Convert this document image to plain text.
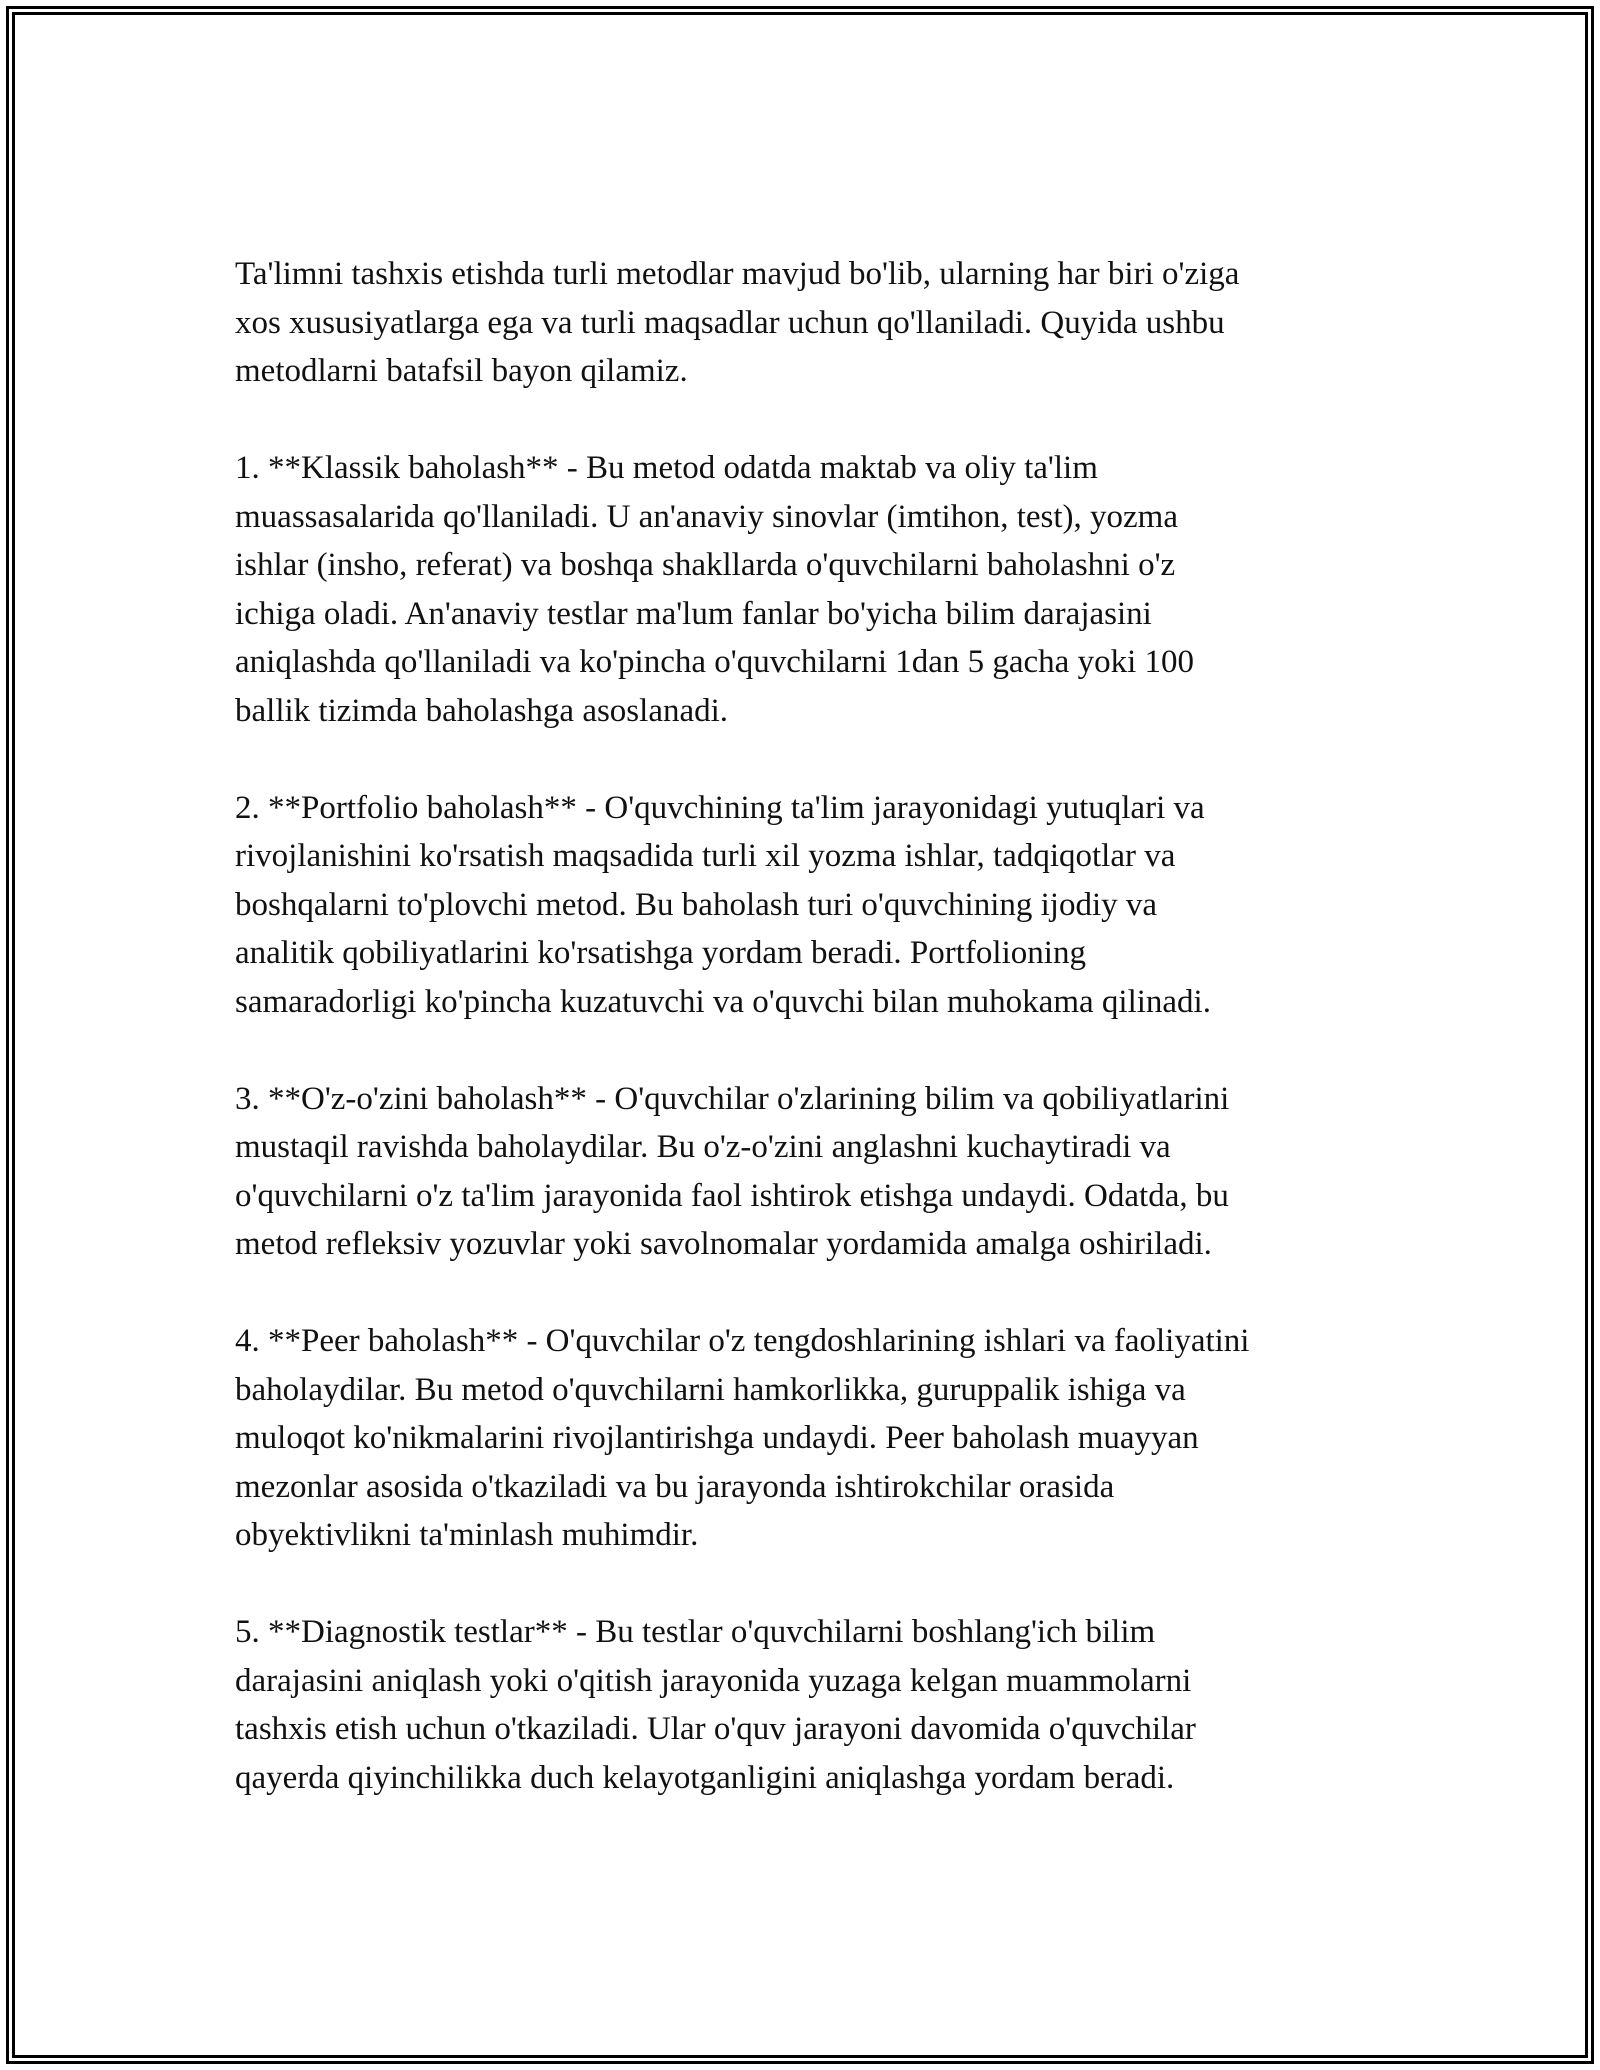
Ta'limni tashxis etishda turli metodlar mavjud bo'lib, ularning har biri o'ziga
xos xususiyatlarga ega va turli maqsadlar uchun qo'llaniladi. Quyida ushbu
metodlarni batafsil bayon qilamiz.

1. **Klassik baholash** - Bu metod odatda maktab va oliy ta'lim
muassasalarida qo'llaniladi. U an'anaviy sinovlar (imtihon, test), yozma
ishlar (insho, referat) va boshqa shakllarda o'quvchilarni baholashni o'z
ichiga oladi. An'anaviy testlar ma'lum fanlar bo'yicha bilim darajasini
aniqlashda qo'llaniladi va ko'pincha o'quvchilarni 1dan 5 gacha yoki 100
ballik tizimda baholashga asoslanadi.

2. **Portfolio baholash** - O'quvchining ta'lim jarayonidagi yutuqlari va
rivojlanishini ko'rsatish maqsadida turli xil yozma ishlar, tadqiqotlar va
boshqalarni to'plovchi metod. Bu baholash turi o'quvchining ijodiy va
analitik qobiliyatlarini ko'rsatishga yordam beradi. Portfolioning
samaradorligi ko'pincha kuzatuvchi va o'quvchi bilan muhokama qilinadi.

3. **O'z-o'zini baholash** - O'quvchilar o'zlarining bilim va qobiliyatlarini
mustaqil ravishda baholaydilar. Bu o'z-o'zini anglashni kuchaytiradi va
o'quvchilarni o'z ta'lim jarayonida faol ishtirok etishga undaydi. Odatda, bu
metod refleksiv yozuvlar yoki savolnomalar yordamida amalga oshiriladi.

4. **Peer baholash** - O'quvchilar o'z tengdoshlarining ishlari va faoliyatini
baholaydilar. Bu metod o'quvchilarni hamkorlikka, guruppalik ishiga va
muloqot ko'nikmalarini rivojlantirishga undaydi. Peer baholash muayyan
mezonlar asosida o'tkaziladi va bu jarayonda ishtirokchilar orasida
obyektivlikni ta'minlash muhimdir.

5. **Diagnostik testlar** - Bu testlar o'quvchilarni boshlang'ich bilim
darajasini aniqlash yoki o'qitish jarayonida yuzaga kelgan muammolarni
tashxis etish uchun o'tkaziladi. Ular o'quv jarayoni davomida o'quvchilar
qayerda qiyinchilikka duch kelayotganligini aniqlashga yordam beradi.
